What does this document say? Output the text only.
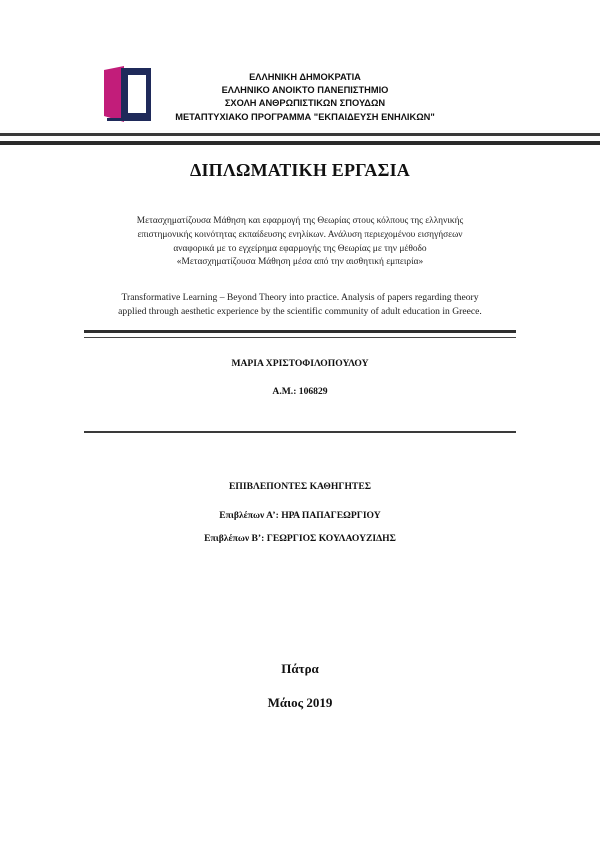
ΕΛΛΗΝΙΚΗ ΔΗΜΟΚΡΑΤΙΑ
ΕΛΛΗΝΙΚΟ ΑΝΟΙΚΤΟ ΠΑΝΕΠΙΣΤΗΜΙΟ
ΣΧΟΛΗ ΑΝΘΡΩΠΙΣΤΙΚΩΝ ΣΠΟΥΔΩΝ
ΜΕΤΑΠΤΥΧΙΑΚΟ ΠΡΟΓΡΑΜΜΑ "ΕΚΠΑΙΔΕΥΣΗ ΕΝΗΛΙΚΩΝ"
ΔΙΠΛΩΜΑΤΙΚΗ ΕΡΓΑΣΙΑ
Μετασχηματίζουσα Μάθηση και εφαρμογή της Θεωρίας στους κόλπους της ελληνικής
επιστημονικής κοινότητας εκπαίδευσης ενηλίκων. Ανάλυση περιεχομένου εισηγήσεων
αναφορικά με το εγχείρημα εφαρμογής της Θεωρίας με την μέθοδο
«Μετασχηματίζουσα Μάθηση μέσα από την αισθητική εμπειρία»
Transformative Learning – Beyond Theory into practice. Analysis of papers regarding theory
applied through aesthetic experience by the scientific community of adult education in Greece.
ΜΑΡΙΑ ΧΡΙΣΤΟΦΙΛΟΠΟΥΛΟΥ
Α.Μ.: 106829
ΕΠΙΒΛΕΠΟΝΤΕΣ ΚΑΘΗΓΗΤΕΣ
Επιβλέπων Α’: ΗΡΑ ΠΑΠΑΓΕΩΡΓΙΟΥ
Επιβλέπων Β’: ΓΕΩΡΓΙΟΣ ΚΟΥΛΑΟΥΖΙΔΗΣ
Πάτρα
Μάιος 2019
